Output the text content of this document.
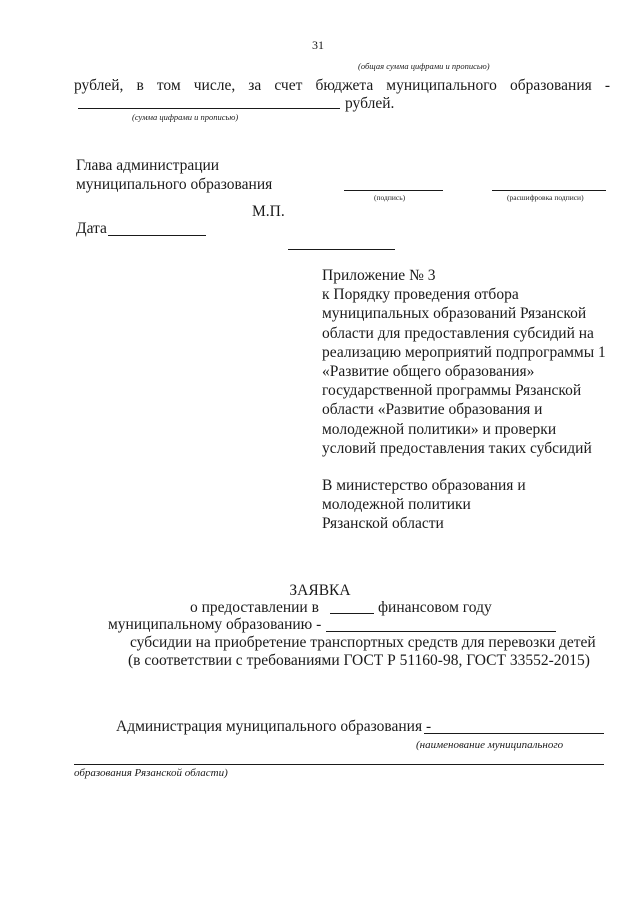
31
(общая сумма цифрами и прописью)
рублей, в том числе, за счет бюджета муниципального образования -
рублей.
(сумма цифрами и прописью)
Глава администрации
муниципального образования
(подпись)	(расшифровка подписи)
М.П.
Дата
Приложение № 3
к Порядку проведения отбора
муниципальных образований Рязанской
области для предоставления субсидий на
реализацию мероприятий подпрограммы 1
«Развитие общего образования»
государственной программы Рязанской
области «Развитие образования и
молодежной политики» и проверки
условий предоставления таких субсидий
В министерство образования и
молодежной политики
Рязанской области
ЗАЯВКА
о предоставлении в	финансовом году
муниципальному образованию -
субсидии на приобретение транспортных средств для перевозки детей
(в соответствии с требованиями ГОСТ Р 51160-98, ГОСТ 33552-2015)
Администрация муниципального образования -
(наименование муниципального
образования Рязанской области)
